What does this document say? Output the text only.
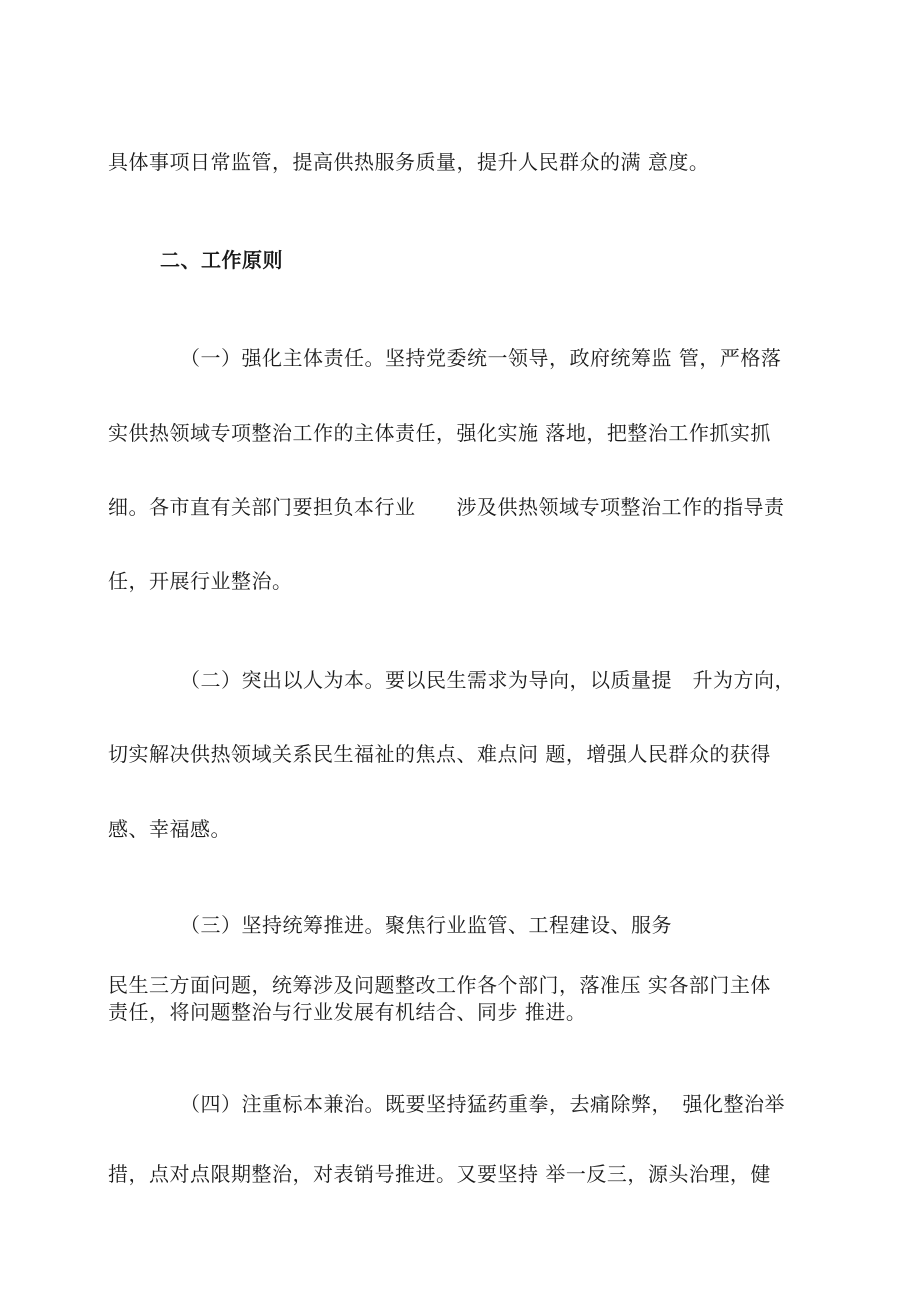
具体事项日常监管，提高供热服务质量，提升人民群众的满 意度。
二、工作原则
（一）强化主体责任。坚持党委统一领导，政府统筹监 管，严格落
实供热领域专项整治工作的主体责任，强化实施 落地，把整治工作抓实抓
细。各市直有关部门要担负本行业　　涉及供热领域专项整治工作的指导责
任，开展行业整治。
（二）突出以人为本。要以民生需求为导向，以质量提　升为方向，
切实解决供热领域关系民生福祉的焦点、难点问 题，增强人民群众的获得
感、幸福感。
（三）坚持统筹推进。聚焦行业监管、工程建设、服务
民生三方面问题，统筹涉及问题整改工作各个部门，落准压 实各部门主体
责任，将问题整治与行业发展有机结合、同步 推进。
（四）注重标本兼治。既要坚持猛药重拳，去痛除弊，　强化整治举
措，点对点限期整治，对表销号推进。又要坚持 举一反三，源头治理，健
